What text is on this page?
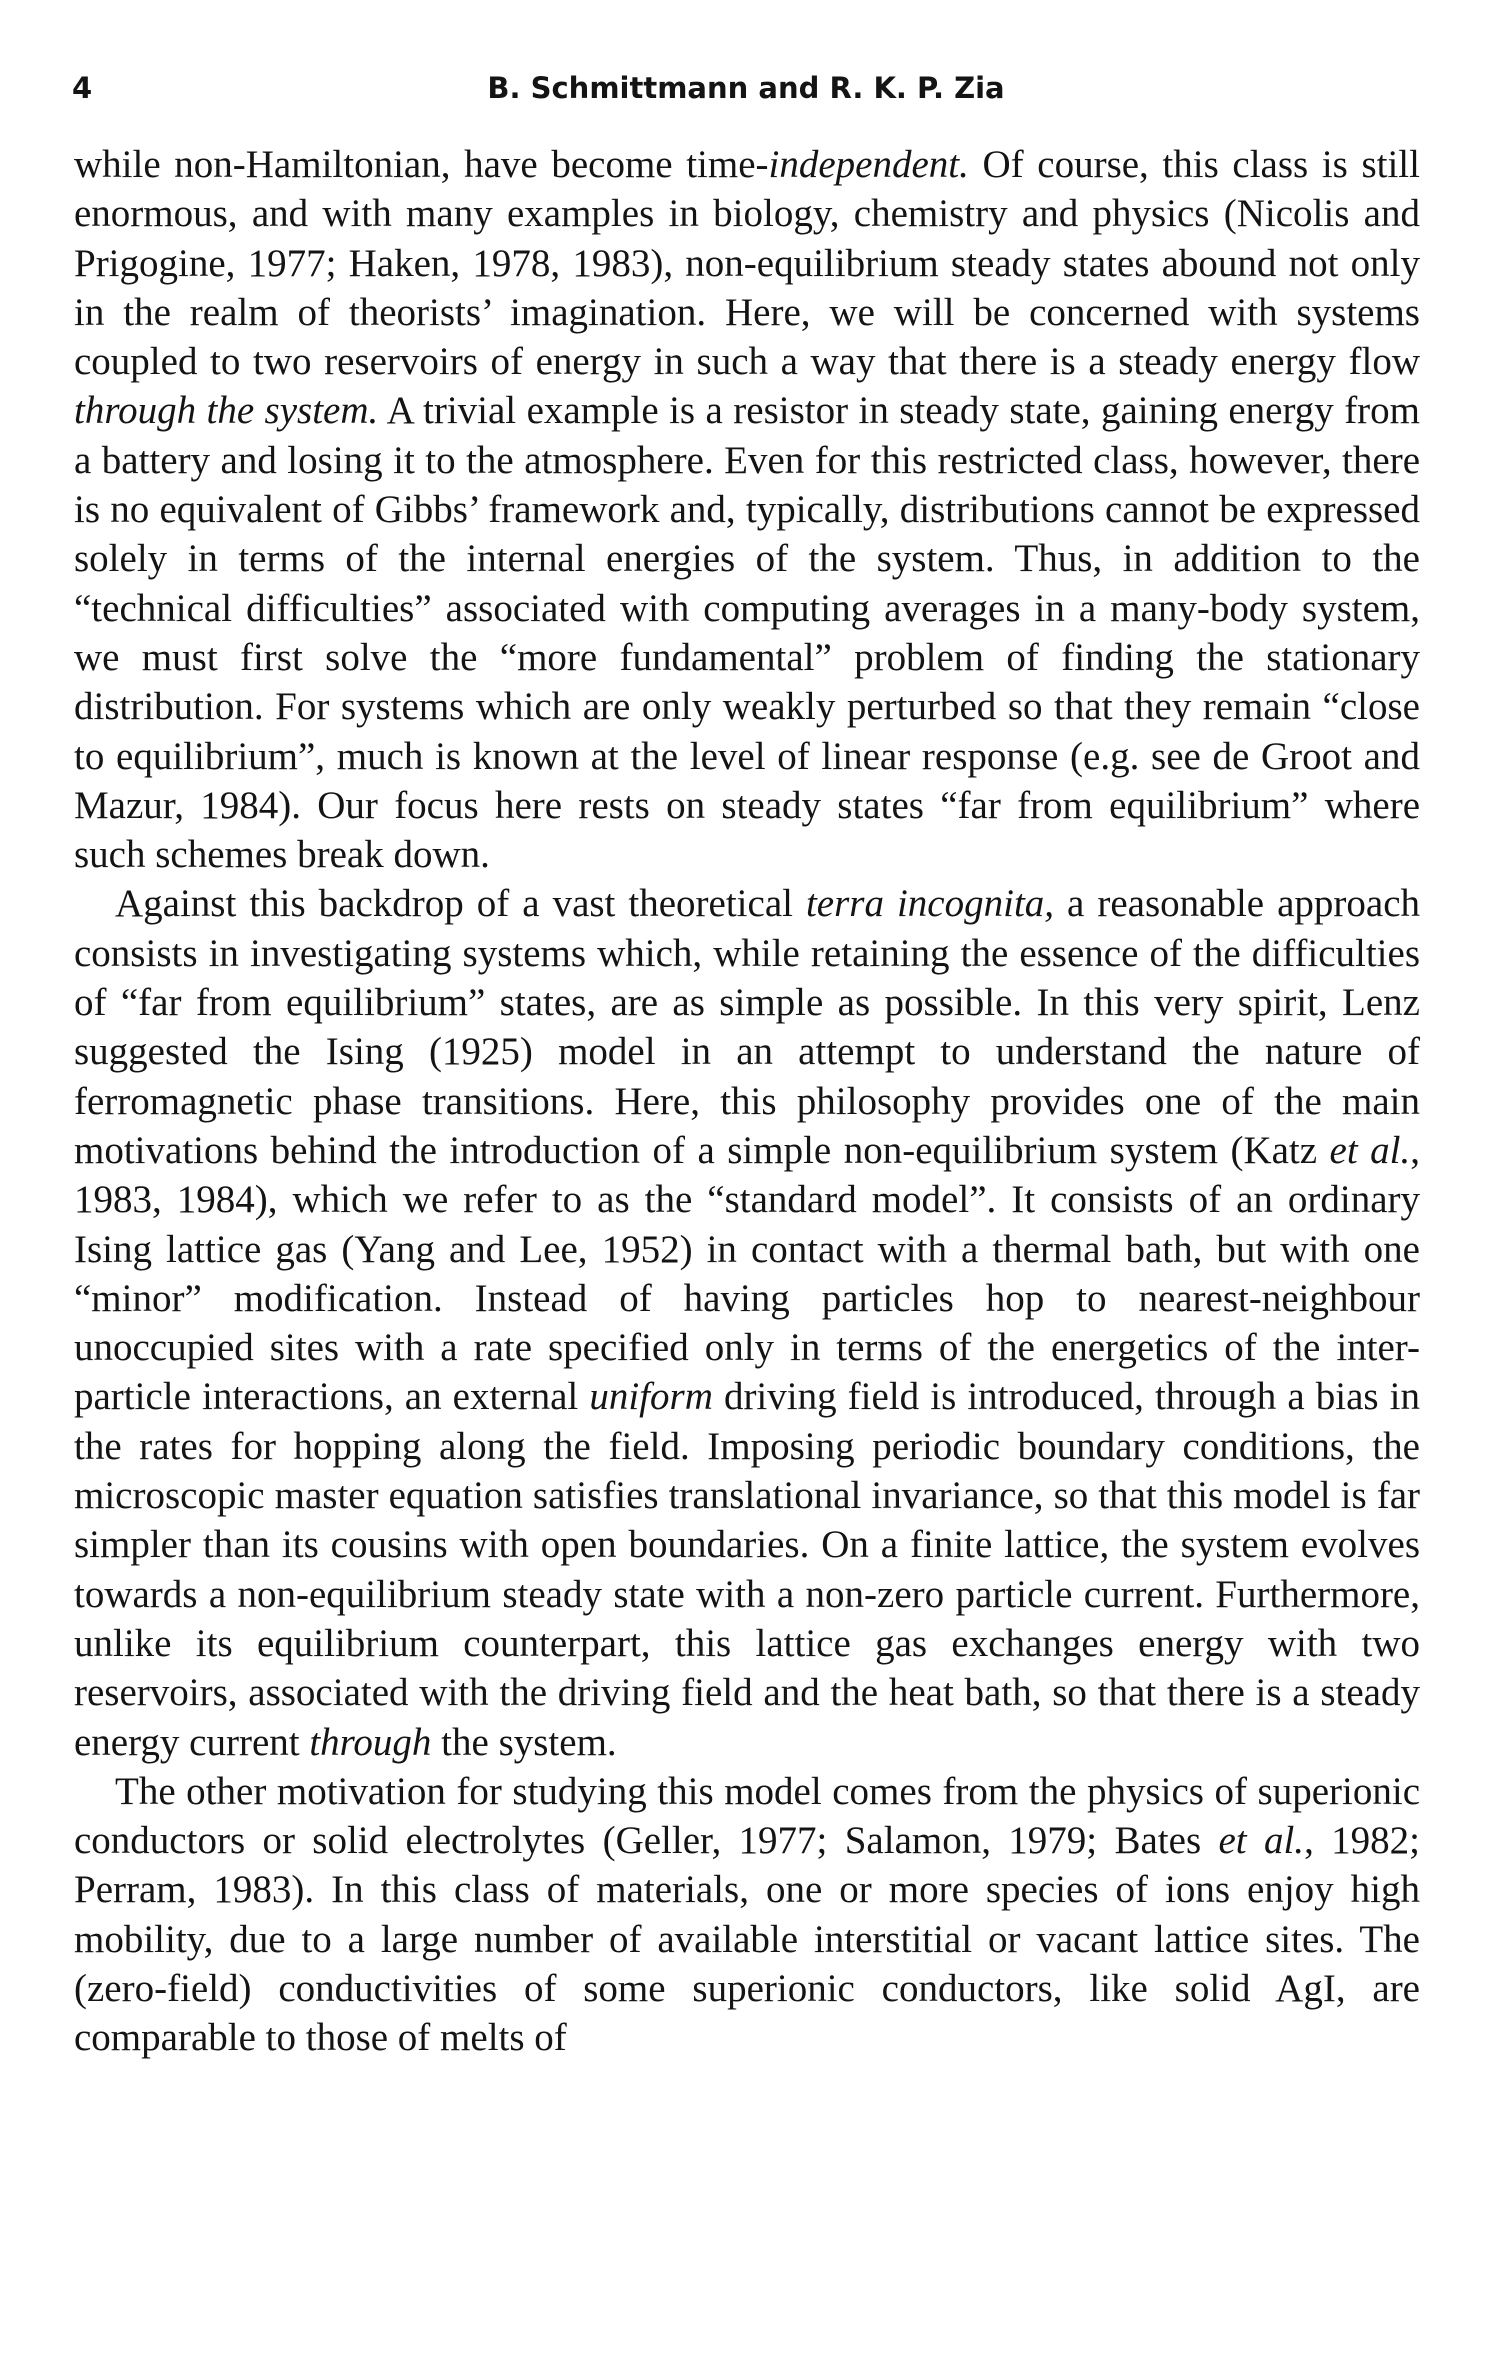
4	B. Schmittmann and R. K. P. Zia

while non-Hamiltonian, have become time-independent. Of course, this class is still enormous, and with many examples in biology, chemistry and physics (Nicolis and Prigogine, 1977; Haken, 1978, 1983), non-equilibrium steady states abound not only in the realm of theorists’ imagination. Here, we will be concerned with systems coupled to two reservoirs of energy in such a way that there is a steady energy flow through the system. A trivial example is a resistor in steady state, gaining energy from a battery and losing it to the atmosphere. Even for this restricted class, however, there is no equivalent of Gibbs’ framework and, typically, distributions cannot be expressed solely in terms of the internal energies of the system. Thus, in addition to the “technical difficulties” associated with computing averages in a many-body system, we must first solve the “more fundamental” problem of finding the stationary distribution. For systems which are only weakly perturbed so that they remain “close to equilibrium”, much is known at the level of linear response (e.g. see de Groot and Mazur, 1984). Our focus here rests on steady states “far from equilibrium” where such schemes break down.

Against this backdrop of a vast theoretical terra incognita, a reasonable approach consists in investigating systems which, while retaining the essence of the difficulties of “far from equilibrium” states, are as simple as possible. In this very spirit, Lenz suggested the Ising (1925) model in an attempt to understand the nature of ferromagnetic phase transitions. Here, this philosophy provides one of the main motivations behind the introduction of a simple non-equilibrium system (Katz et al., 1983, 1984), which we refer to as the “standard model”. It consists of an ordinary Ising lattice gas (Yang and Lee, 1952) in contact with a thermal bath, but with one “minor” modification. Instead of having particles hop to nearest-neighbour unoccupied sites with a rate specified only in terms of the energetics of the inter-particle interactions, an external uniform driving field is introduced, through a bias in the rates for hopping along the field. Imposing periodic boundary conditions, the microscopic master equation satisfies translational invariance, so that this model is far simpler than its cousins with open boundaries. On a finite lattice, the system evolves towards a non-equilibrium steady state with a non-zero particle current. Furthermore, unlike its equilibrium counterpart, this lattice gas exchanges energy with two reservoirs, associated with the driving field and the heat bath, so that there is a steady energy current through the system.

The other motivation for studying this model comes from the physics of superionic conductors or solid electrolytes (Geller, 1977; Salamon, 1979; Bates et al., 1982; Perram, 1983). In this class of materials, one or more species of ions enjoy high mobility, due to a large number of available interstitial or vacant lattice sites. The (zero-field) conductivities of some superionic conductors, like solid AgI, are comparable to those of melts of
